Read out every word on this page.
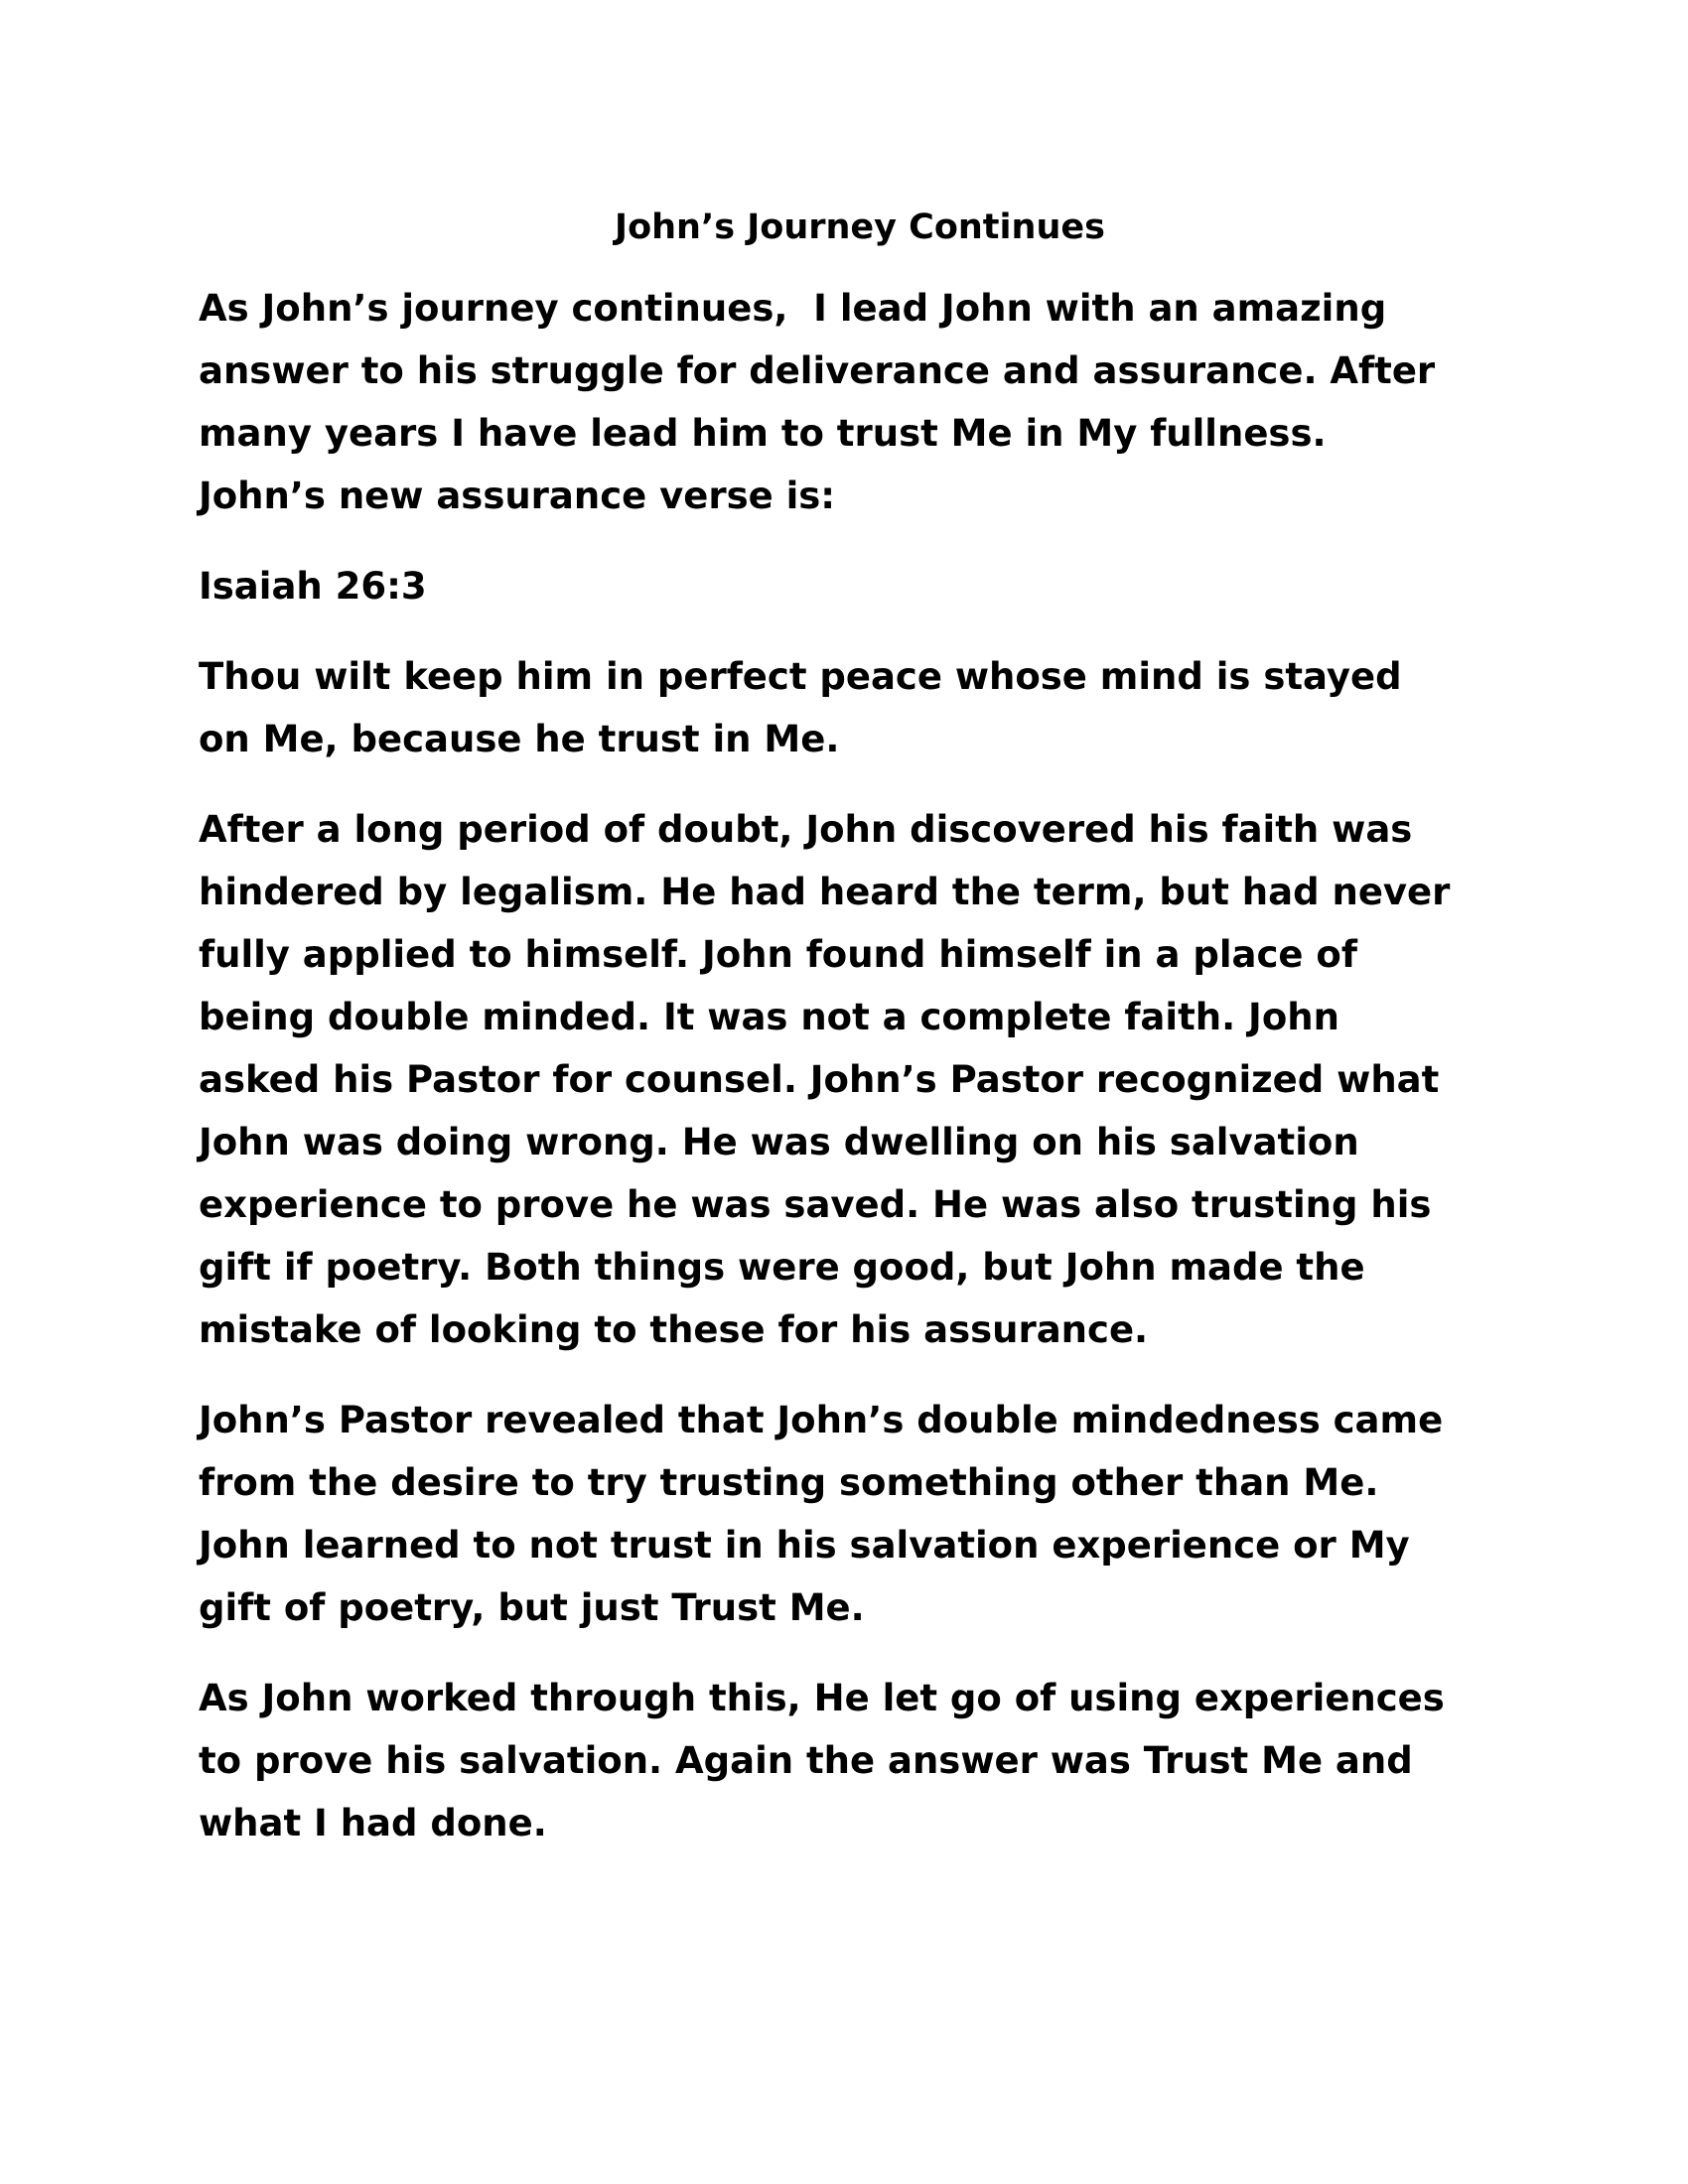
John’s Journey Continues
As John’s journey continues,  I lead John with an amazing
answer to his struggle for deliverance and assurance. After
many years I have lead him to trust Me in My fullness.
John’s new assurance verse is:
Isaiah 26:3
Thou wilt keep him in perfect peace whose mind is stayed
on Me, because he trust in Me.
After a long period of doubt, John discovered his faith was
hindered by legalism. He had heard the term, but had never
fully applied to himself. John found himself in a place of
being double minded. It was not a complete faith. John
asked his Pastor for counsel. John’s Pastor recognized what
John was doing wrong. He was dwelling on his salvation
experience to prove he was saved. He was also trusting his
gift if poetry. Both things were good, but John made the
mistake of looking to these for his assurance.
John’s Pastor revealed that John’s double mindedness came
from the desire to try trusting something other than Me.
John learned to not trust in his salvation experience or My
gift of poetry, but just Trust Me.
As John worked through this, He let go of using experiences
to prove his salvation. Again the answer was Trust Me and
what I had done.
